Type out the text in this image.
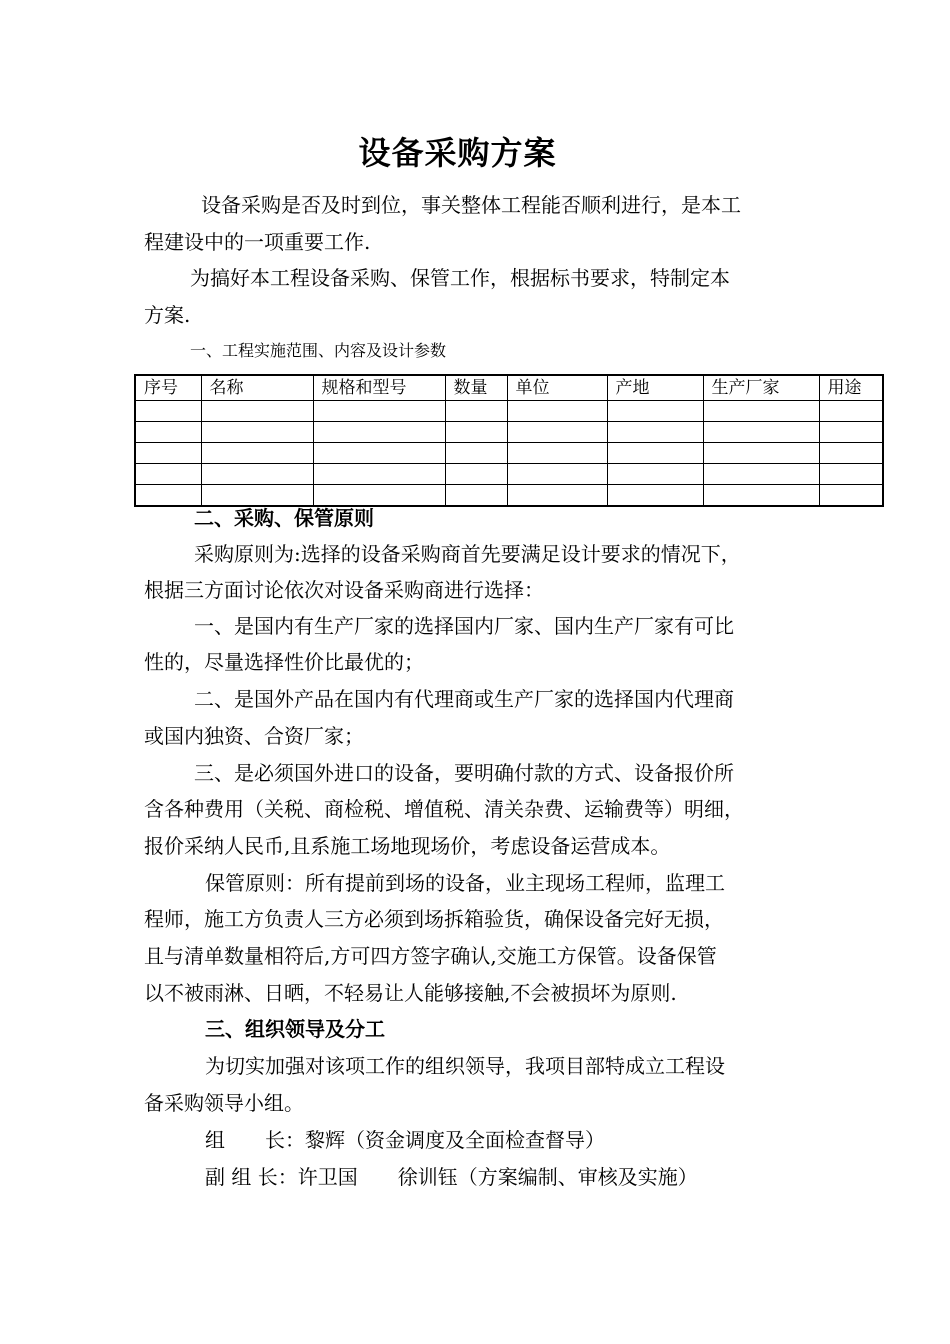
设备采购方案
设备采购是否及时到位，事关整体工程能否顺利进行，是本工
程建设中的一项重要工作.
为搞好本工程设备采购、保管工作，根据标书要求，特制定本
方案.
一、工程实施范围、内容及设计参数
序号	名称	规格和型号	数量	单位	产地	生产厂家	用途

二、采购、保管原则
采购原则为:选择的设备采购商首先要满足设计要求的情况下，
根据三方面讨论依次对设备采购商进行选择：
一、是国内有生产厂家的选择国内厂家、国内生产厂家有可比
性的，尽量选择性价比最优的；
二、是国外产品在国内有代理商或生产厂家的选择国内代理商
或国内独资、合资厂家；
三、是必须国外进口的设备，要明确付款的方式、设备报价所
含各种费用（关税、商检税、增值税、清关杂费、运输费等）明细，
报价采纳人民币,且系施工场地现场价，考虑设备运营成本。
保管原则：所有提前到场的设备，业主现场工程师，监理工
程师，施工方负责人三方必须到场拆箱验货，确保设备完好无损，
且与清单数量相符后,方可四方签字确认,交施工方保管。设备保管
以不被雨淋、日晒，不轻易让人能够接触,不会被损坏为原则.
三、组织领导及分工
为切实加强对该项工作的组织领导，我项目部特成立工程设
备采购领导小组。
组　　长：黎辉（资金调度及全面检查督导）
副 组 长：许卫国　　徐训钰（方案编制、审核及实施）
